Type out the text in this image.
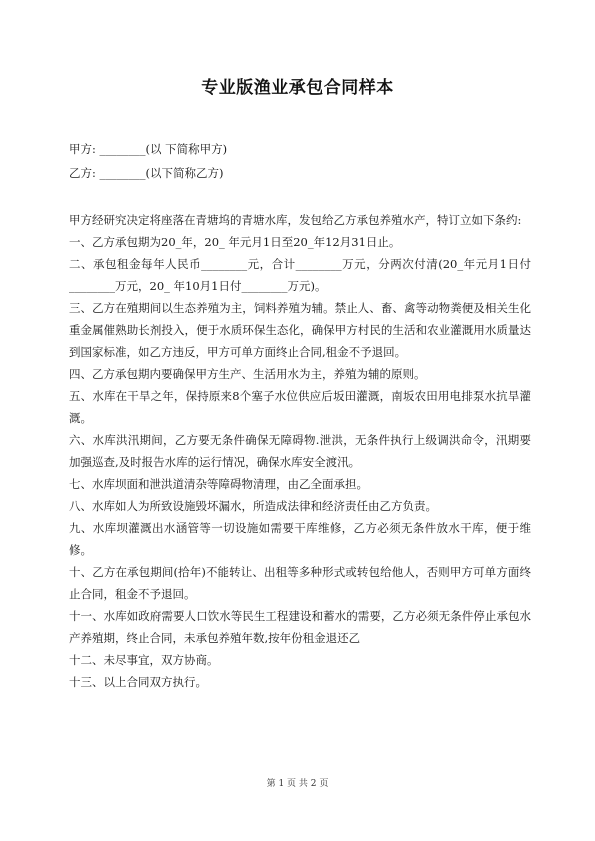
专业版渔业承包合同样本

甲方: ________(以 下简称甲方)

乙方: ________(以下简称乙方)

甲方经研究决定将座落在青塘坞的青塘水库，发包给乙方承包养殖水产，特订立如下条约:

一、乙方承包期为20_年，20_ 年元月1日至20_年12月31日止。

二、承包租金每年人民币________元，合计________万元，分两次付清(20_年元月1日付________万元，20_ 年10月1日付________万元)。

三、乙方在殖期间以生态养殖为主，饲料养殖为辅。禁止人、畜、禽等动物粪便及相关生化重金属催熟助长剂投入，便于水质环保生态化，确保甲方村民的生活和农业灌溉用水质量达到国家标准，如乙方违反，甲方可单方面终止合同,租金不予退回。

四、乙方承包期内要确保甲方生产、生活用水为主，养殖为辅的原则。

五、水库在干旱之年，保持原来8个塞子水位供应后坂田灌溉，南坂农田用电排泵水抗旱灌溉。

六、水库洪汛期间，乙方要无条件确保无障碍物.泄洪，无条件执行上级调洪命令，汛期要加强巡查,及时报告水库的运行情况，确保水库安全渡汛。

七、水库坝面和泄洪道清杂等障碍物清理，由乙全面承担。

八、水库如人为所致设施毁坏漏水，所造成法律和经济责任由乙方负责。

九、水库坝灌溉出水涵管等一切设施如需要干库维修，乙方必须无条件放水干库，便于维修。

十、乙方在承包期间(拾年)不能转让、出租等多种形式或转包给他人，否则甲方可单方面终止合同，租金不予退回。

十一、水库如政府需要人口饮水等民生工程建设和蓄水的需要，乙方必须无条件停止承包水产养殖期，终止合同，未承包养殖年数,按年份租金退还乙

十二、未尽事宜，双方协商。

十三、以上合同双方执行。

第 1 页 共 2 页
